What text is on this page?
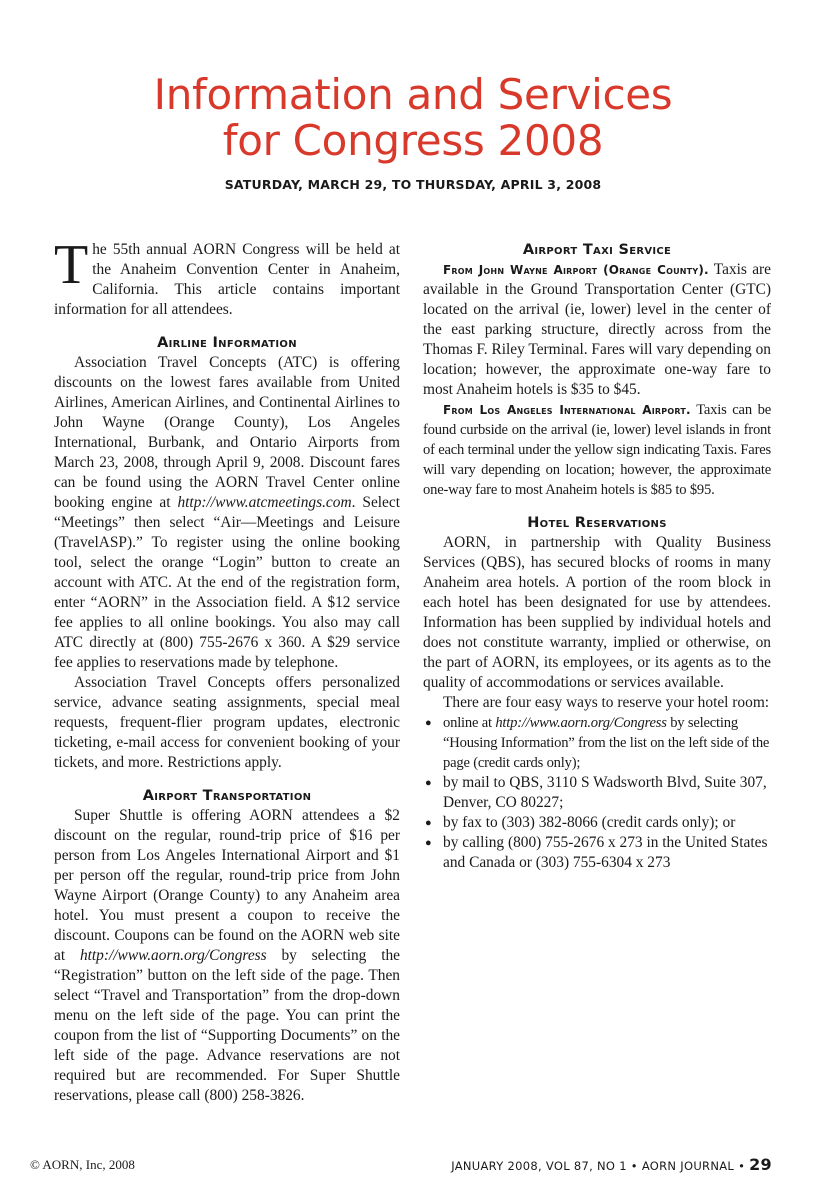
Information and Services
for Congress 2008
SATURDAY, MARCH 29, TO THURSDAY, APRIL 3, 2008

The 55th annual AORN Congress will be held at the Anaheim Convention Center in Anaheim, California. This article contains important information for all attendees.

Airline Information

Association Travel Concepts (ATC) is offering discounts on the lowest fares available from United Airlines, American Airlines, and Continental Airlines to John Wayne (Orange County), Los Angeles International, Burbank, and Ontario Airports from March 23, 2008, through April 9, 2008. Discount fares can be found using the AORN Travel Center online booking engine at http://www.atcmeetings.com. Select “Meetings” then select “Air—Meetings and Leisure (TravelASP).” To register using the online booking tool, select the orange “Login” button to create an account with ATC. At the end of the registration form, enter “AORN” in the Association field. A $12 service fee applies to all online bookings. You also may call ATC directly at (800) 755-2676 x 360. A $29 service fee applies to reservations made by telephone.

Association Travel Concepts offers personalized service, advance seating assignments, special meal requests, frequent-flier program updates, electronic ticketing, e-mail access for convenient booking of your tickets, and more. Restrictions apply.

Airport Transportation

Super Shuttle is offering AORN attendees a $2 discount on the regular, round-trip price of $16 per person from Los Angeles International Airport and $1 per person off the regular, round-trip price from John Wayne Airport (Orange County) to any Anaheim area hotel. You must present a coupon to receive the discount. Coupons can be found on the AORN web site at http://www.aorn.org/Congress by selecting the “Registration” button on the left side of the page. Then select “Travel and Transportation” from the drop-down menu on the left side of the page. You can print the coupon from the list of “Supporting Documents” on the left side of the page. Advance reservations are not required but are recommended. For Super Shuttle reservations, please call (800) 258-3826.

Airport Taxi Service

From John Wayne Airport (Orange County). Taxis are available in the Ground Transportation Center (GTC) located on the arrival (ie, lower) level in the center of the east parking structure, directly across from the Thomas F. Riley Terminal. Fares will vary depending on location; however, the approximate one-way fare to most Anaheim hotels is $35 to $45.

From Los Angeles International Airport. Taxis can be found curbside on the arrival (ie, lower) level islands in front of each terminal under the yellow sign indicating Taxis. Fares will vary depending on location; however, the approximate one-way fare to most Anaheim hotels is $85 to $95.

Hotel Reservations

AORN, in partnership with Quality Business Services (QBS), has secured blocks of rooms in many Anaheim area hotels. A portion of the room block in each hotel has been designated for use by attendees. Information has been supplied by individual hotels and does not constitute warranty, implied or otherwise, on the part of AORN, its employees, or its agents as to the quality of accommodations or services available.

There are four easy ways to reserve your hotel room:

● online at http://www.aorn.org/Congress by selecting “Housing Information” from the list on the left side of the page (credit cards only);
● by mail to QBS, 3110 S Wadsworth Blvd, Suite 307, Denver, CO 80227;
● by fax to (303) 382-8066 (credit cards only); or
● by calling (800) 755-2676 x 273 in the United States and Canada or (303) 755-6304 x 273
© AORN, Inc, 2008	JANUARY 2008, VOL 87, NO 1 • AORN JOURNAL • 29
